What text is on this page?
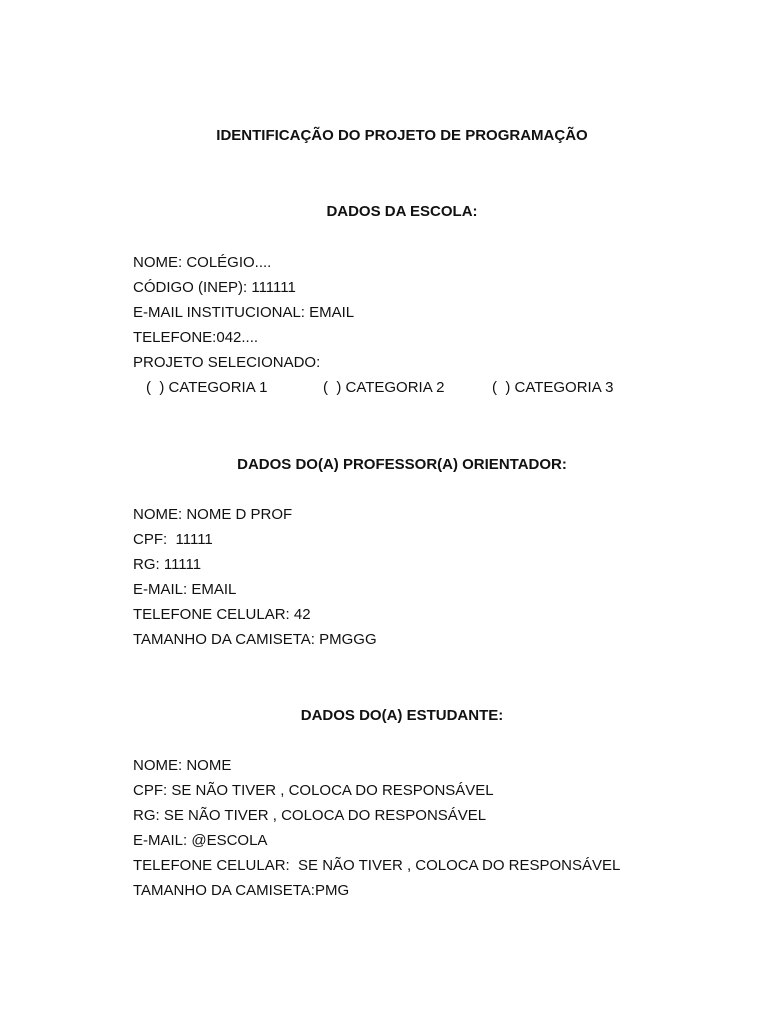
IDENTIFICAÇÃO DO PROJETO DE PROGRAMAÇÃO
DADOS DA ESCOLA:
NOME: COLÉGIO....
CÓDIGO (INEP): 111111
E-MAIL INSTITUCIONAL: EMAIL
TELEFONE:042....
PROJETO SELECIONADO:
(  ) CATEGORIA 1	(  ) CATEGORIA 2	(  ) CATEGORIA 3
DADOS DO(A) PROFESSOR(A) ORIENTADOR:
NOME: NOME D PROF
CPF:  11111
RG: 11111
E-MAIL: EMAIL
TELEFONE CELULAR: 42
TAMANHO DA CAMISETA: PMGGG
DADOS DO(A) ESTUDANTE:
NOME: NOME
CPF: SE NÃO TIVER , COLOCA DO RESPONSÁVEL
RG: SE NÃO TIVER , COLOCA DO RESPONSÁVEL
E-MAIL: @ESCOLA
TELEFONE CELULAR:  SE NÃO TIVER , COLOCA DO RESPONSÁVEL
TAMANHO DA CAMISETA:PMG
